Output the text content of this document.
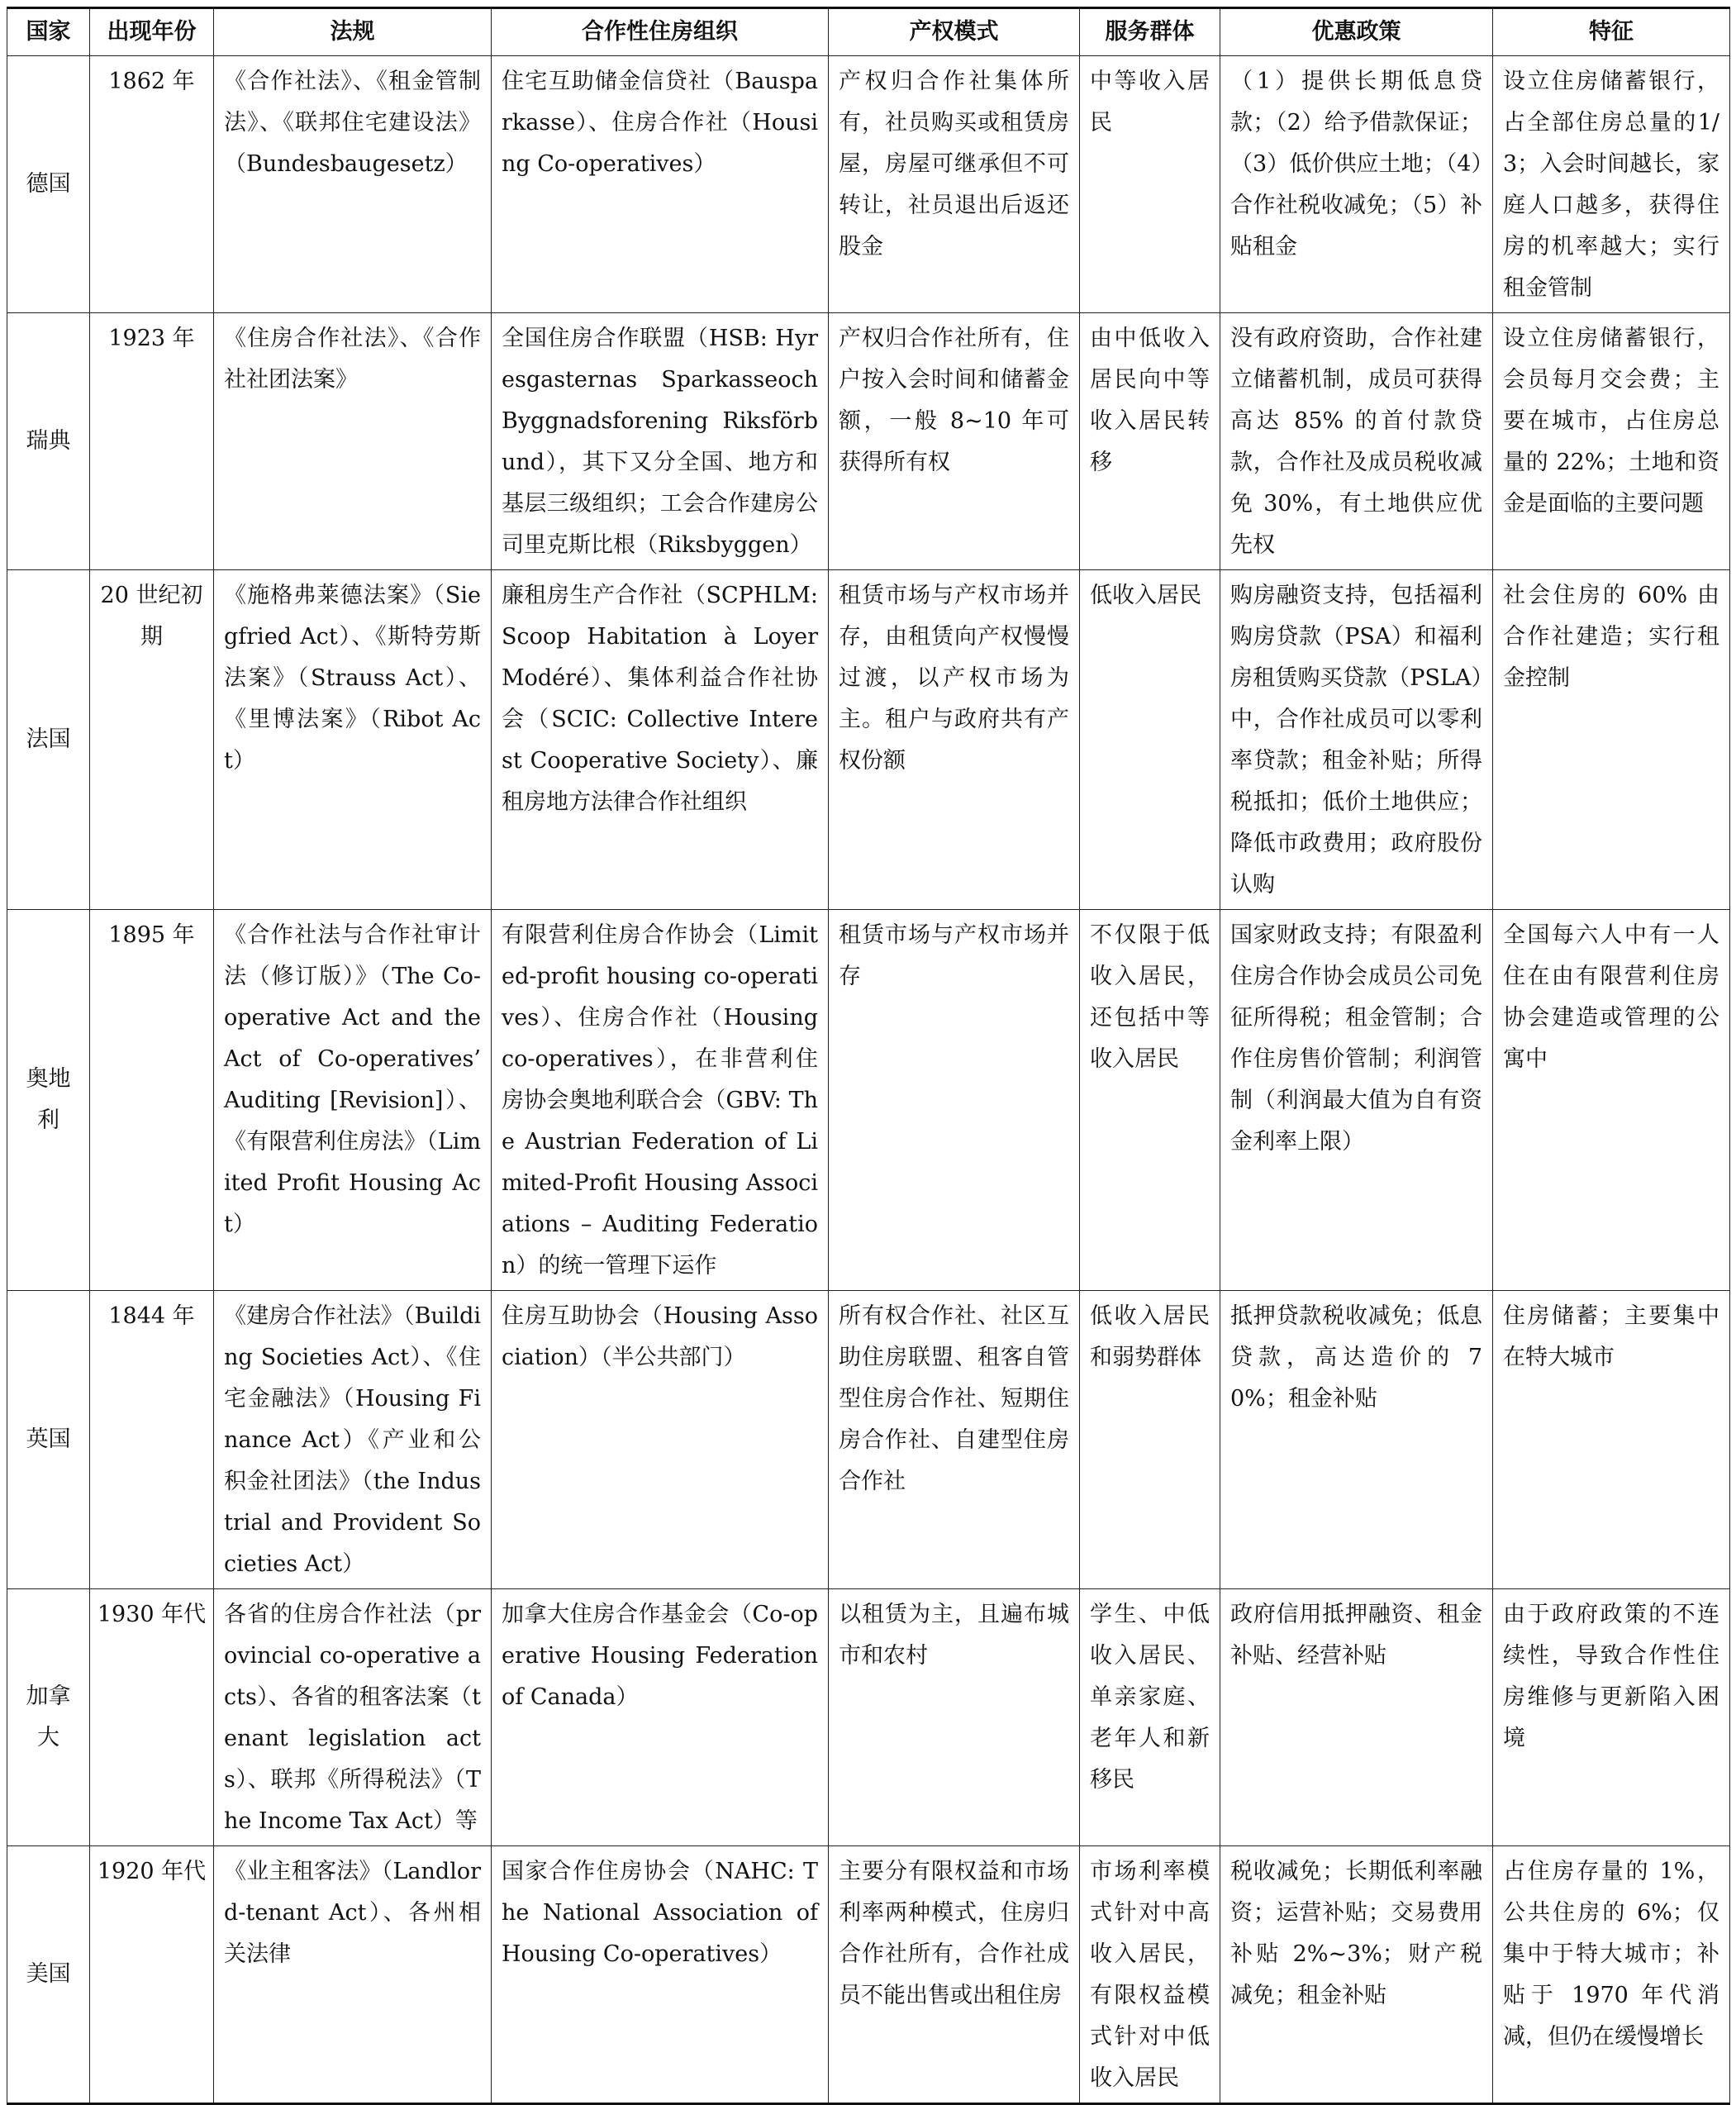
国家	出现年份	法规	合作性住房组织	产权模式	服务群体	优惠政策	特征
德国	1862 年	《合作社法》、《租金管制法》、《联邦住宅建设法》（Bundesbaugesetz）	住宅互助储金信贷社（Bausparkasse）、住房合作社（Housing Co-operatives）	产权归合作社集体所有，社员购买或租赁房屋，房屋可继承但不可转让，社员退出后返还股金	中等收入居民	（1）提供长期低息贷款；（2）给予借款保证；（3）低价供应土地；（4）合作社税收减免；（5）补贴租金	设立住房储蓄银行，占全部住房总量的1/3；入会时间越长，家庭人口越多，获得住房的机率越大；实行租金管制
瑞典	1923 年	《住房合作社法》、《合作社社团法案》	全国住房合作联盟（HSB: Hyresgasternas Sparkasseoch Byggnadsforening Riksförbund），其下又分全国、地方和基层三级组织；工会合作建房公司里克斯比根（Riksbyggen）	产权归合作社所有，住户按入会时间和储蓄金额，一般 8~10 年可获得所有权	由中低收入居民向中等收入居民转移	没有政府资助，合作社建立储蓄机制，成员可获得高达 85% 的首付款贷款，合作社及成员税收减免 30%，有土地供应优先权	设立住房储蓄银行，会员每月交会费；主要在城市，占住房总量的 22%；土地和资金是面临的主要问题
法国	20 世纪初期	《施格弗莱德法案》（Siegfried Act）、《斯特劳斯法案》（Strauss Act）、《里博法案》（Ribot Act）	廉租房生产合作社（SCPHLM: Scoop Habitation à Loyer Modéré）、集体利益合作社协会（SCIC: Collective Interest Cooperative Society）、廉租房地方法律合作社组织	租赁市场与产权市场并存，由租赁向产权慢慢过渡，以产权市场为主。租户与政府共有产权份额	低收入居民	购房融资支持，包括福利购房贷款（PSA）和福利房租赁购买贷款（PSLA）中，合作社成员可以零利率贷款；租金补贴；所得税抵扣；低价土地供应；降低市政费用；政府股份认购	社会住房的 60% 由合作社建造；实行租金控制
奥地利	1895 年	《合作社法与合作社审计法（修订版）》（The Co-operative Act and the Act of Co-operatives’ Auditing [Revision]）、《有限营利住房法》（Limited Profit Housing Act）	有限营利住房合作协会（Limited-profit housing co-operatives）、住房合作社（Housing co-operatives），在非营利住房协会奥地利联合会（GBV: The Austrian Federation of Limited-Profit Housing Associations – Auditing Federation）的统一管理下运作	租赁市场与产权市场并存	不仅限于低收入居民，还包括中等收入居民	国家财政支持；有限盈利住房合作协会成员公司免征所得税；租金管制；合作住房售价管制；利润管制（利润最大值为自有资金利率上限）	全国每六人中有一人住在由有限营利住房协会建造或管理的公寓中
英国	1844 年	《建房合作社法》（Building Societies Act）、《住宅金融法》（Housing Finance Act）《产业和公积金社团法》（the Industrial and Provident Societies Act）	住房互助协会（Housing Association）（半公共部门）	所有权合作社、社区互助住房联盟、租客自管型住房合作社、短期住房合作社、自建型住房合作社	低收入居民和弱势群体	抵押贷款税收减免；低息贷款，高达造价的 70%；租金补贴	住房储蓄；主要集中在特大城市
加拿大	1930 年代	各省的住房合作社法（provincial co-operative acts）、各省的租客法案（tenant legislation acts）、联邦《所得税法》（The Income Tax Act）等	加拿大住房合作基金会（Co-operative Housing Federation of Canada）	以租赁为主，且遍布城市和农村	学生、中低收入居民、单亲家庭、老年人和新移民	政府信用抵押融资、租金补贴、经营补贴	由于政府政策的不连续性，导致合作性住房维修与更新陷入困境
美国	1920 年代	《业主租客法》（Landlord-tenant Act）、各州相关法律	国家合作住房协会（NAHC: The National Association of Housing Co-operatives）	主要分有限权益和市场利率两种模式，住房归合作社所有，合作社成员不能出售或出租住房	市场利率模式针对中高收入居民，有限权益模式针对中低收入居民	税收减免；长期低利率融资；运营补贴；交易费用补贴 2%~3%；财产税减免；租金补贴	占住房存量的 1%，公共住房的 6%；仅集中于特大城市；补贴于 1970 年代消减，但仍在缓慢增长
